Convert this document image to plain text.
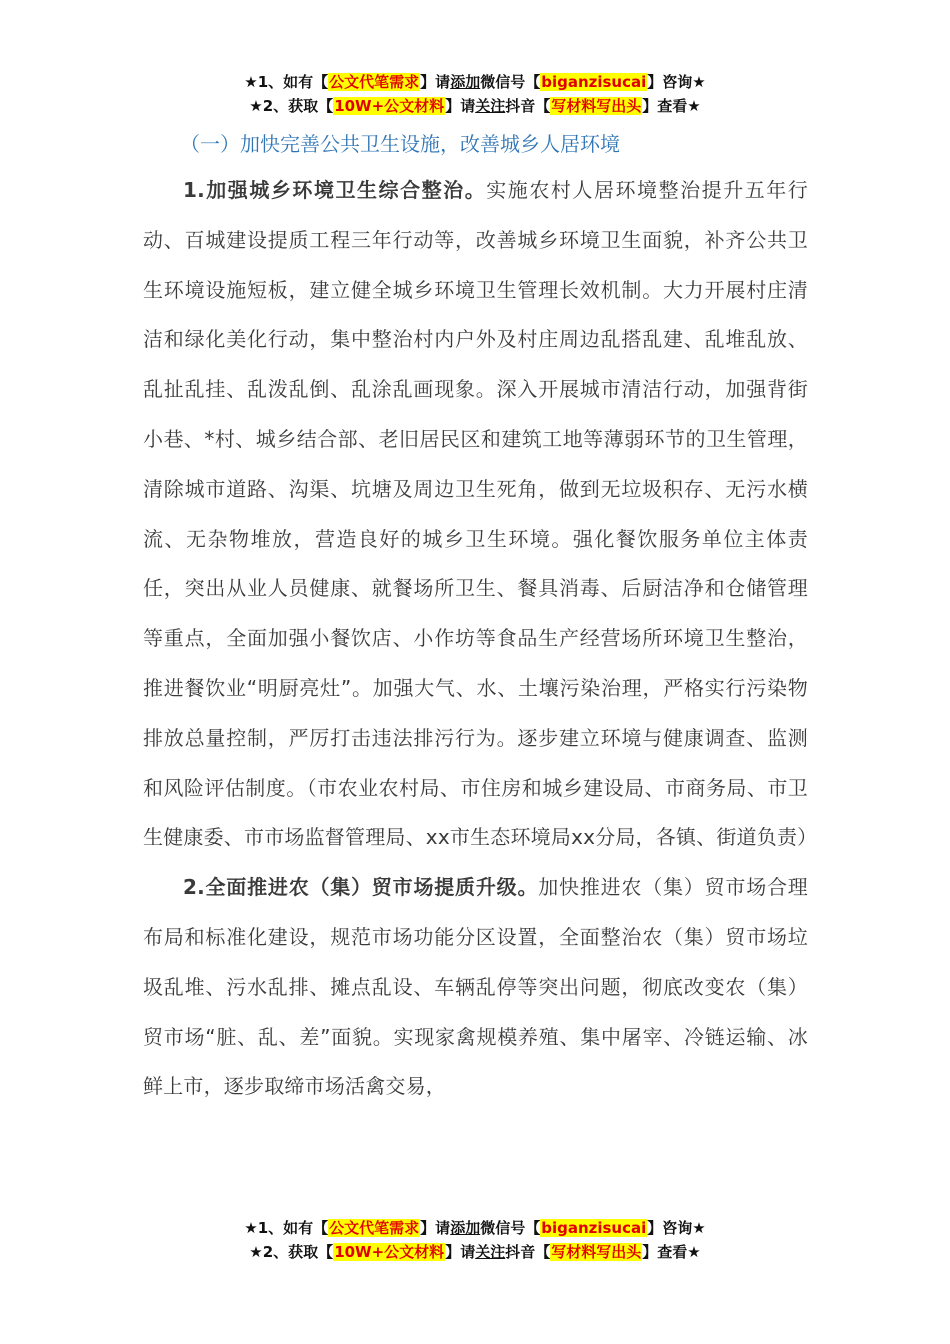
★1、如有【公文代笔需求】请添加微信号【biganzisucai】咨询★
★2、获取【10W+公文材料】请关注抖音【写材料写出头】查看★
（一）加快完善公共卫生设施，改善城乡人居环境

1.加强城乡环境卫生综合整治。实施农村人居环境整治提升五年行动、百城建设提质工程三年行动等，改善城乡环境卫生面貌，补齐公共卫生环境设施短板，建立健全城乡环境卫生管理长效机制。大力开展村庄清洁和绿化美化行动，集中整治村内户外及村庄周边乱搭乱建、乱堆乱放、乱扯乱挂、乱泼乱倒、乱涂乱画现象。深入开展城市清洁行动，加强背街小巷、*村、城乡结合部、老旧居民区和建筑工地等薄弱环节的卫生管理，清除城市道路、沟渠、坑塘及周边卫生死角，做到无垃圾积存、无污水横流、无杂物堆放，营造良好的城乡卫生环境。强化餐饮服务单位主体责任，突出从业人员健康、就餐场所卫生、餐具消毒、后厨洁净和仓储管理等重点，全面加强小餐饮店、小作坊等食品生产经营场所环境卫生整治，推进餐饮业“明厨亮灶”。加强大气、水、土壤污染治理，严格实行污染物排放总量控制，严厉打击违法排污行为。逐步建立环境与健康调查、监测和风险评估制度。（市农业农村局、市住房和城乡建设局、市商务局、市卫生健康委、市市场监督管理局、xx市生态环境局xx分局，各镇、街道负责）

2.全面推进农（集）贸市场提质升级。加快推进农（集）贸市场合理布局和标准化建设，规范市场功能分区设置，全面整治农（集）贸市场垃圾乱堆、污水乱排、摊点乱设、车辆乱停等突出问题，彻底改变农（集）贸市场“脏、乱、差”面貌。实现家禽规模养殖、集中屠宰、冷链运输、冰鲜上市，逐步取缔市场活禽交易，

★1、如有【公文代笔需求】请添加微信号【biganzisucai】咨询★
★2、获取【10W+公文材料】请关注抖音【写材料写出头】查看★
